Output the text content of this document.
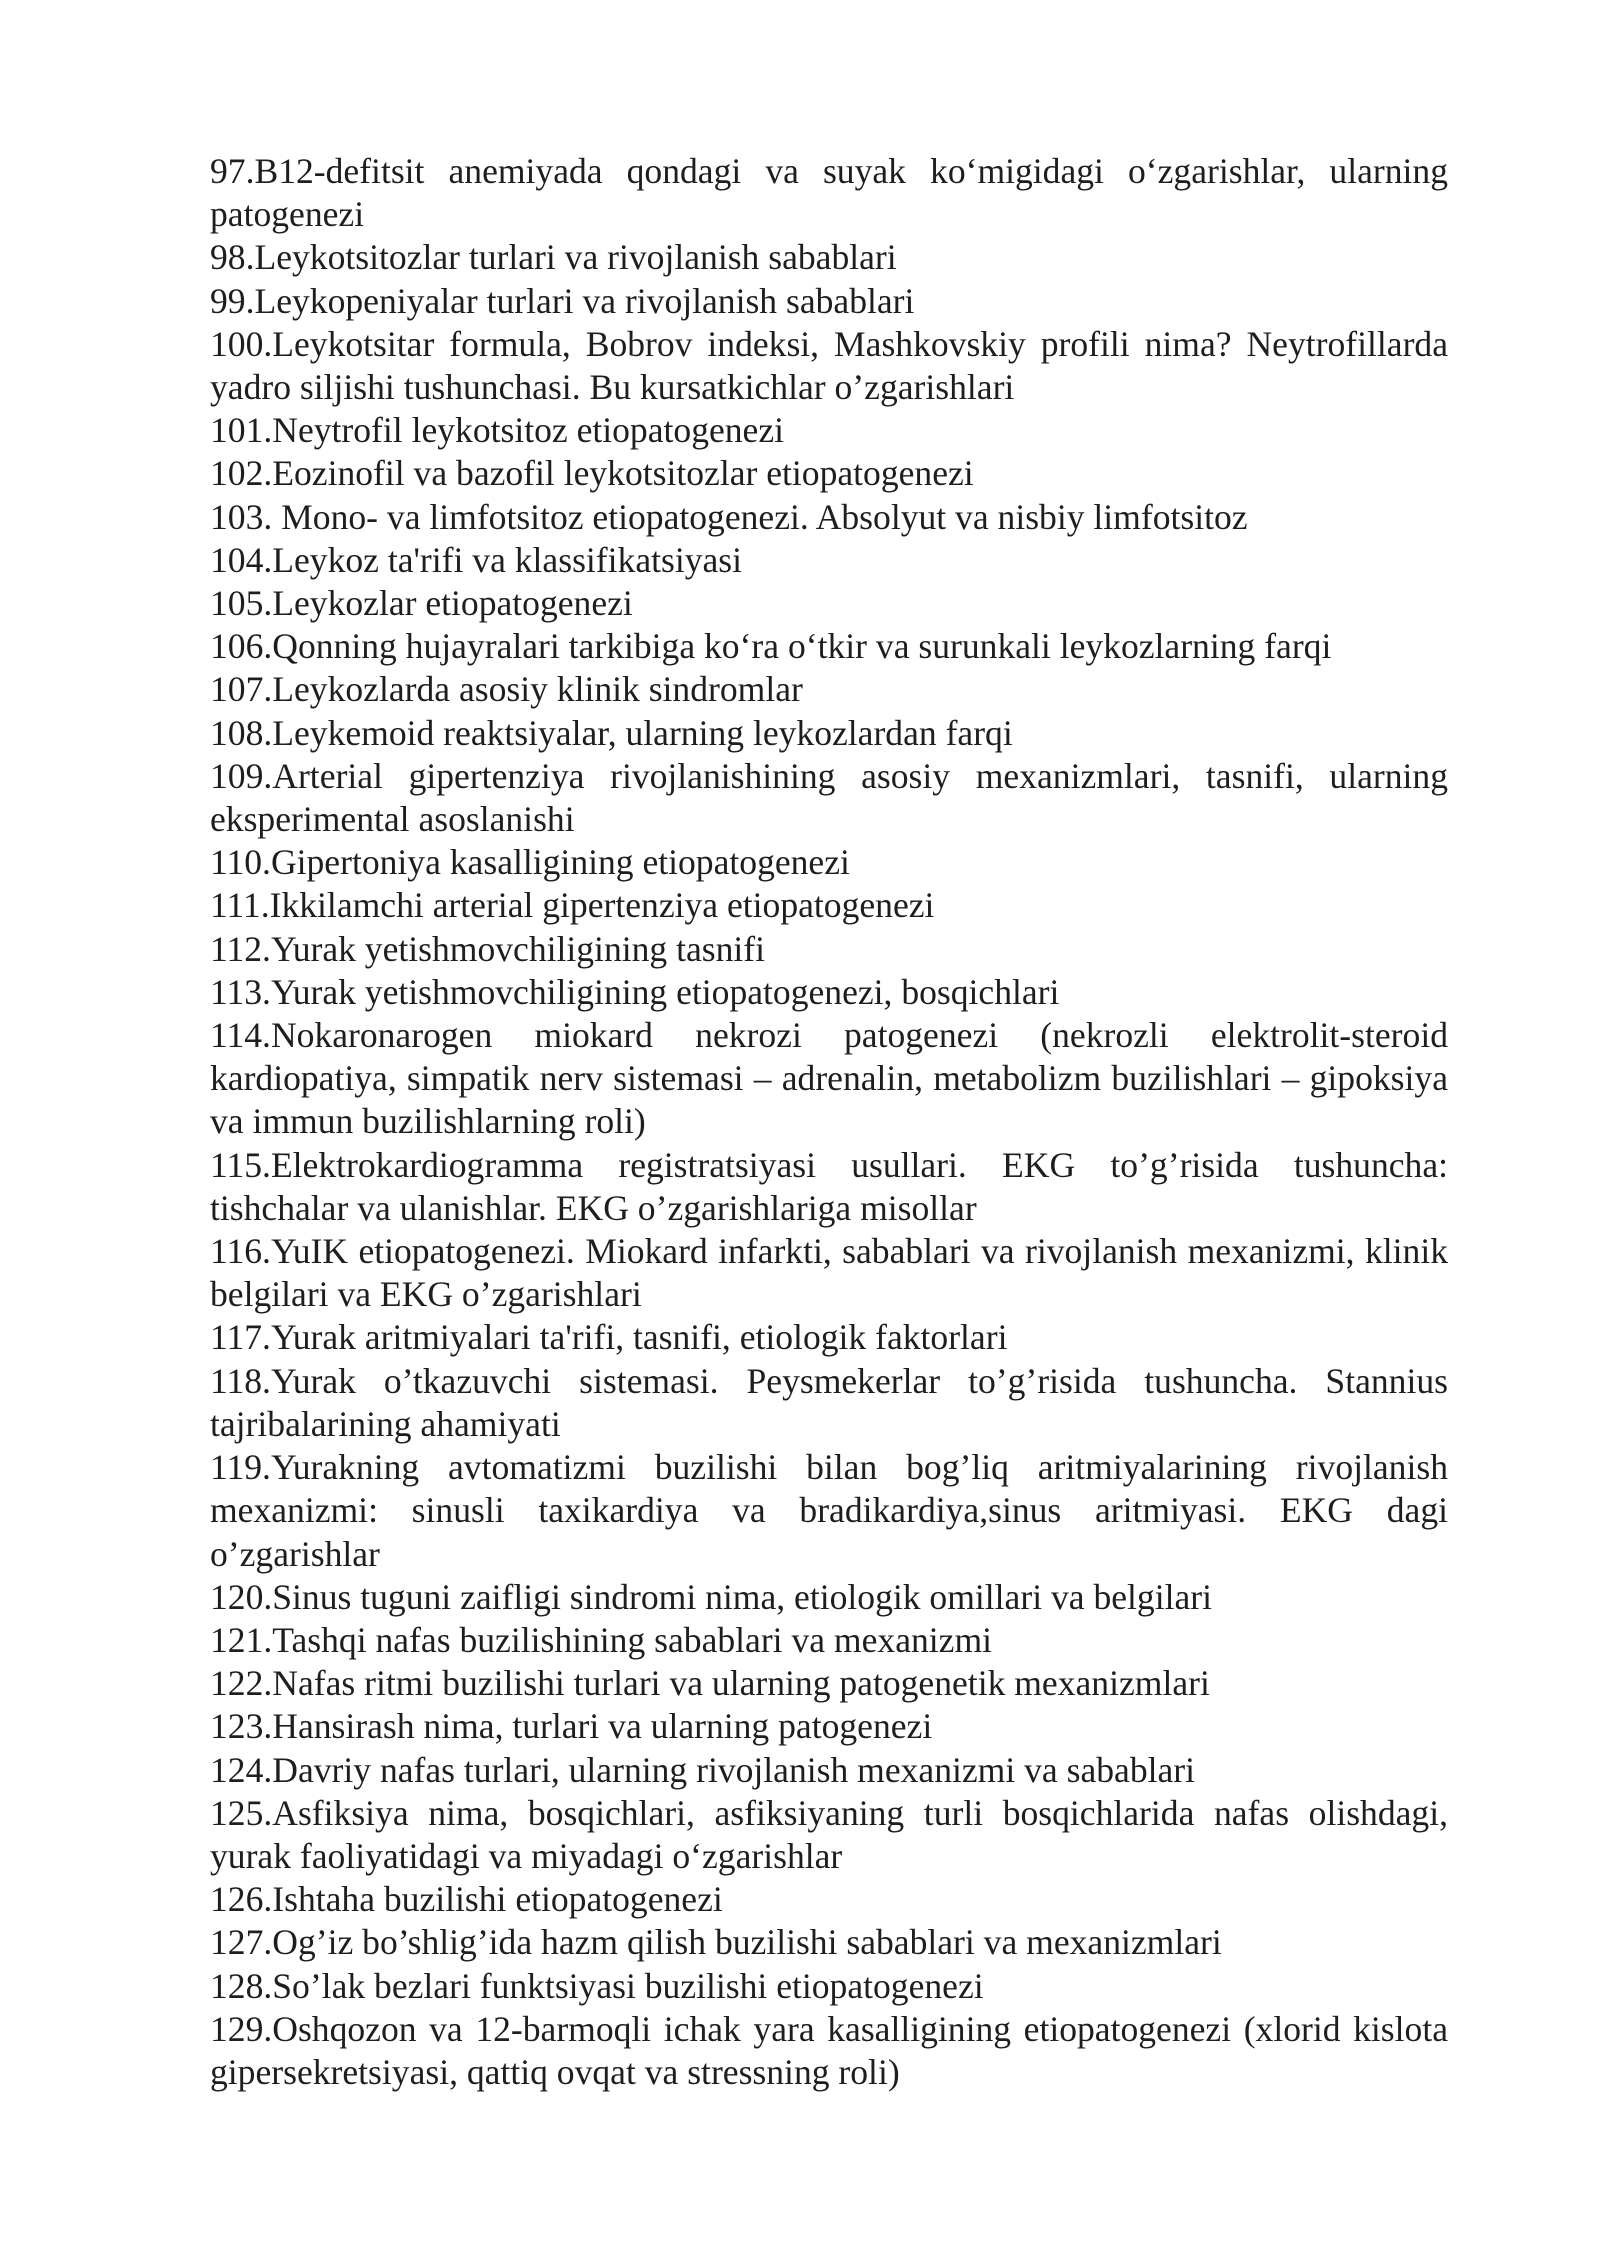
97.B12-defitsit anemiyada qondagi va suyak ko‘migidagi o‘zgarishlar, ularning patogenezi

98.Leykotsitozlar turlari va rivojlanish sabablari

99.Leykopeniyalar turlari va rivojlanish sabablari

100.Leykotsitar formula, Bobrov indeksi, Mashkovskiy profili nima? Neytrofillarda yadro siljishi tushunchasi. Bu kursatkichlar o’zgarishlari

101.Neytrofil leykotsitoz etiopatogenezi

102.Eozinofil va bazofil leykotsitozlar etiopatogenezi

103. Mono- va limfotsitoz etiopatogenezi. Absolyut va nisbiy limfotsitoz

104.Leykoz ta'rifi va klassifikatsiyasi

105.Leykozlar etiopatogenezi

106.Qonning hujayralari tarkibiga ko‘ra o‘tkir va surunkali leykozlarning farqi

107.Leykozlarda asosiy klinik sindromlar

108.Leykemoid reaktsiyalar, ularning leykozlardan farqi

109.Arterial gipertenziya rivojlanishining asosiy mexanizmlari, tasnifi, ularning eksperimental asoslanishi

110.Gipertoniya kasalligining etiopatogenezi

111.Ikkilamchi arterial gipertenziya etiopatogenezi

112.Yurak yetishmovchiligining tasnifi

113.Yurak yetishmovchiligining etiopatogenezi, bosqichlari

114.Nokaronarogen miokard nekrozi patogenezi (nekrozli elektrolit-steroid kardiopatiya, simpatik nerv sistemasi – adrenalin, metabolizm buzilishlari – gipoksiya va immun buzilishlarning roli)

115.Elektrokardiogramma registratsiyasi usullari. EKG to’g’risida tushuncha: tishchalar va ulanishlar. EKG o’zgarishlariga misollar

116.YuIK etiopatogenezi. Miokard infarkti, sabablari va rivojlanish mexanizmi, klinik belgilari va EKG o’zgarishlari

117.Yurak aritmiyalari ta'rifi, tasnifi, etiologik faktorlari

118.Yurak o’tkazuvchi sistemasi. Peysmekerlar to’g’risida tushuncha. Stannius tajribalarining ahamiyati

119.Yurakning avtomatizmi buzilishi bilan bog’liq aritmiyalarining rivojlanish mexanizmi: sinusli taxikardiya va bradikardiya,sinus aritmiyasi. EKG dagi o’zgarishlar

120.Sinus tuguni zaifligi sindromi nima, etiologik omillari va belgilari

121.Tashqi nafas buzilishining sabablari va mexanizmi

122.Nafas ritmi buzilishi turlari va ularning patogenetik mexanizmlari

123.Hansirash nima, turlari va ularning patogenezi

124.Davriy nafas turlari, ularning rivojlanish mexanizmi va sabablari

125.Asfiksiya nima, bosqichlari, asfiksiyaning turli bosqichlarida nafas olishdagi, yurak faoliyatidagi va miyadagi o‘zgarishlar

126.Ishtaha buzilishi etiopatogenezi

127.Og’iz bo’shlig’ida hazm qilish buzilishi sabablari va mexanizmlari

128.So’lak bezlari funktsiyasi buzilishi etiopatogenezi

129.Oshqozon va 12-barmoqli ichak yara kasalligining etiopatogenezi (xlorid kislota gipersekretsiyasi, qattiq ovqat va stressning roli)
